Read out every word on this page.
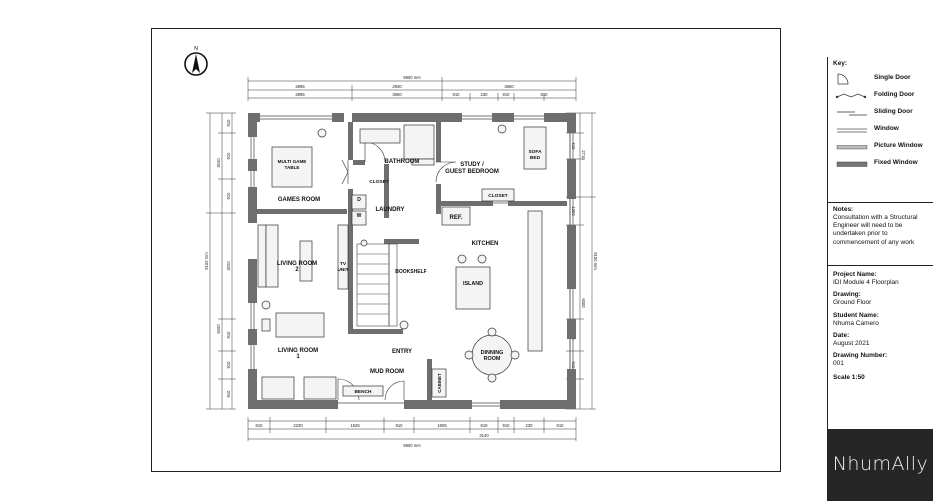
N
9800 mm
2895	2930	3660
2895	3660	910	230	910	610
610	2230	1525	910	1605	610	910	230	610
3140
9800 mm
9100 mm
3040
5000
910
910
910
3020
910
910
910
9100 mm
2710
6000
610
1300
910
MULTI GAME
TABLE
GAMES ROOM
BATHROOM
CLOSET
STUDY /
GUEST BEDROOM
SOFA
BED
CLOSET
LAUNDRY
D
W	REF.
KITCHEN
LIVING ROOM
2
TV
UNIT	BOOKSHELF
ISLAND
LIVING ROOM
1
ENTRY
MUD ROOM
DINNING
ROOM
BENCH	CABINET
Key:
Single Door
Folding Door
Sliding Door
Window
Picture Window
Fixed Window
Notes:
Consultation with a Structural Engineer will need to be undertaken prior to commencement of any work
Project Name:
IDI Module 4 Floorplan
Drawing:
Ground Floor
Student Name:
Nhuma Camero
Date:
August 2021
Drawing Number:
001
Scale 1:50
NhumAlly
